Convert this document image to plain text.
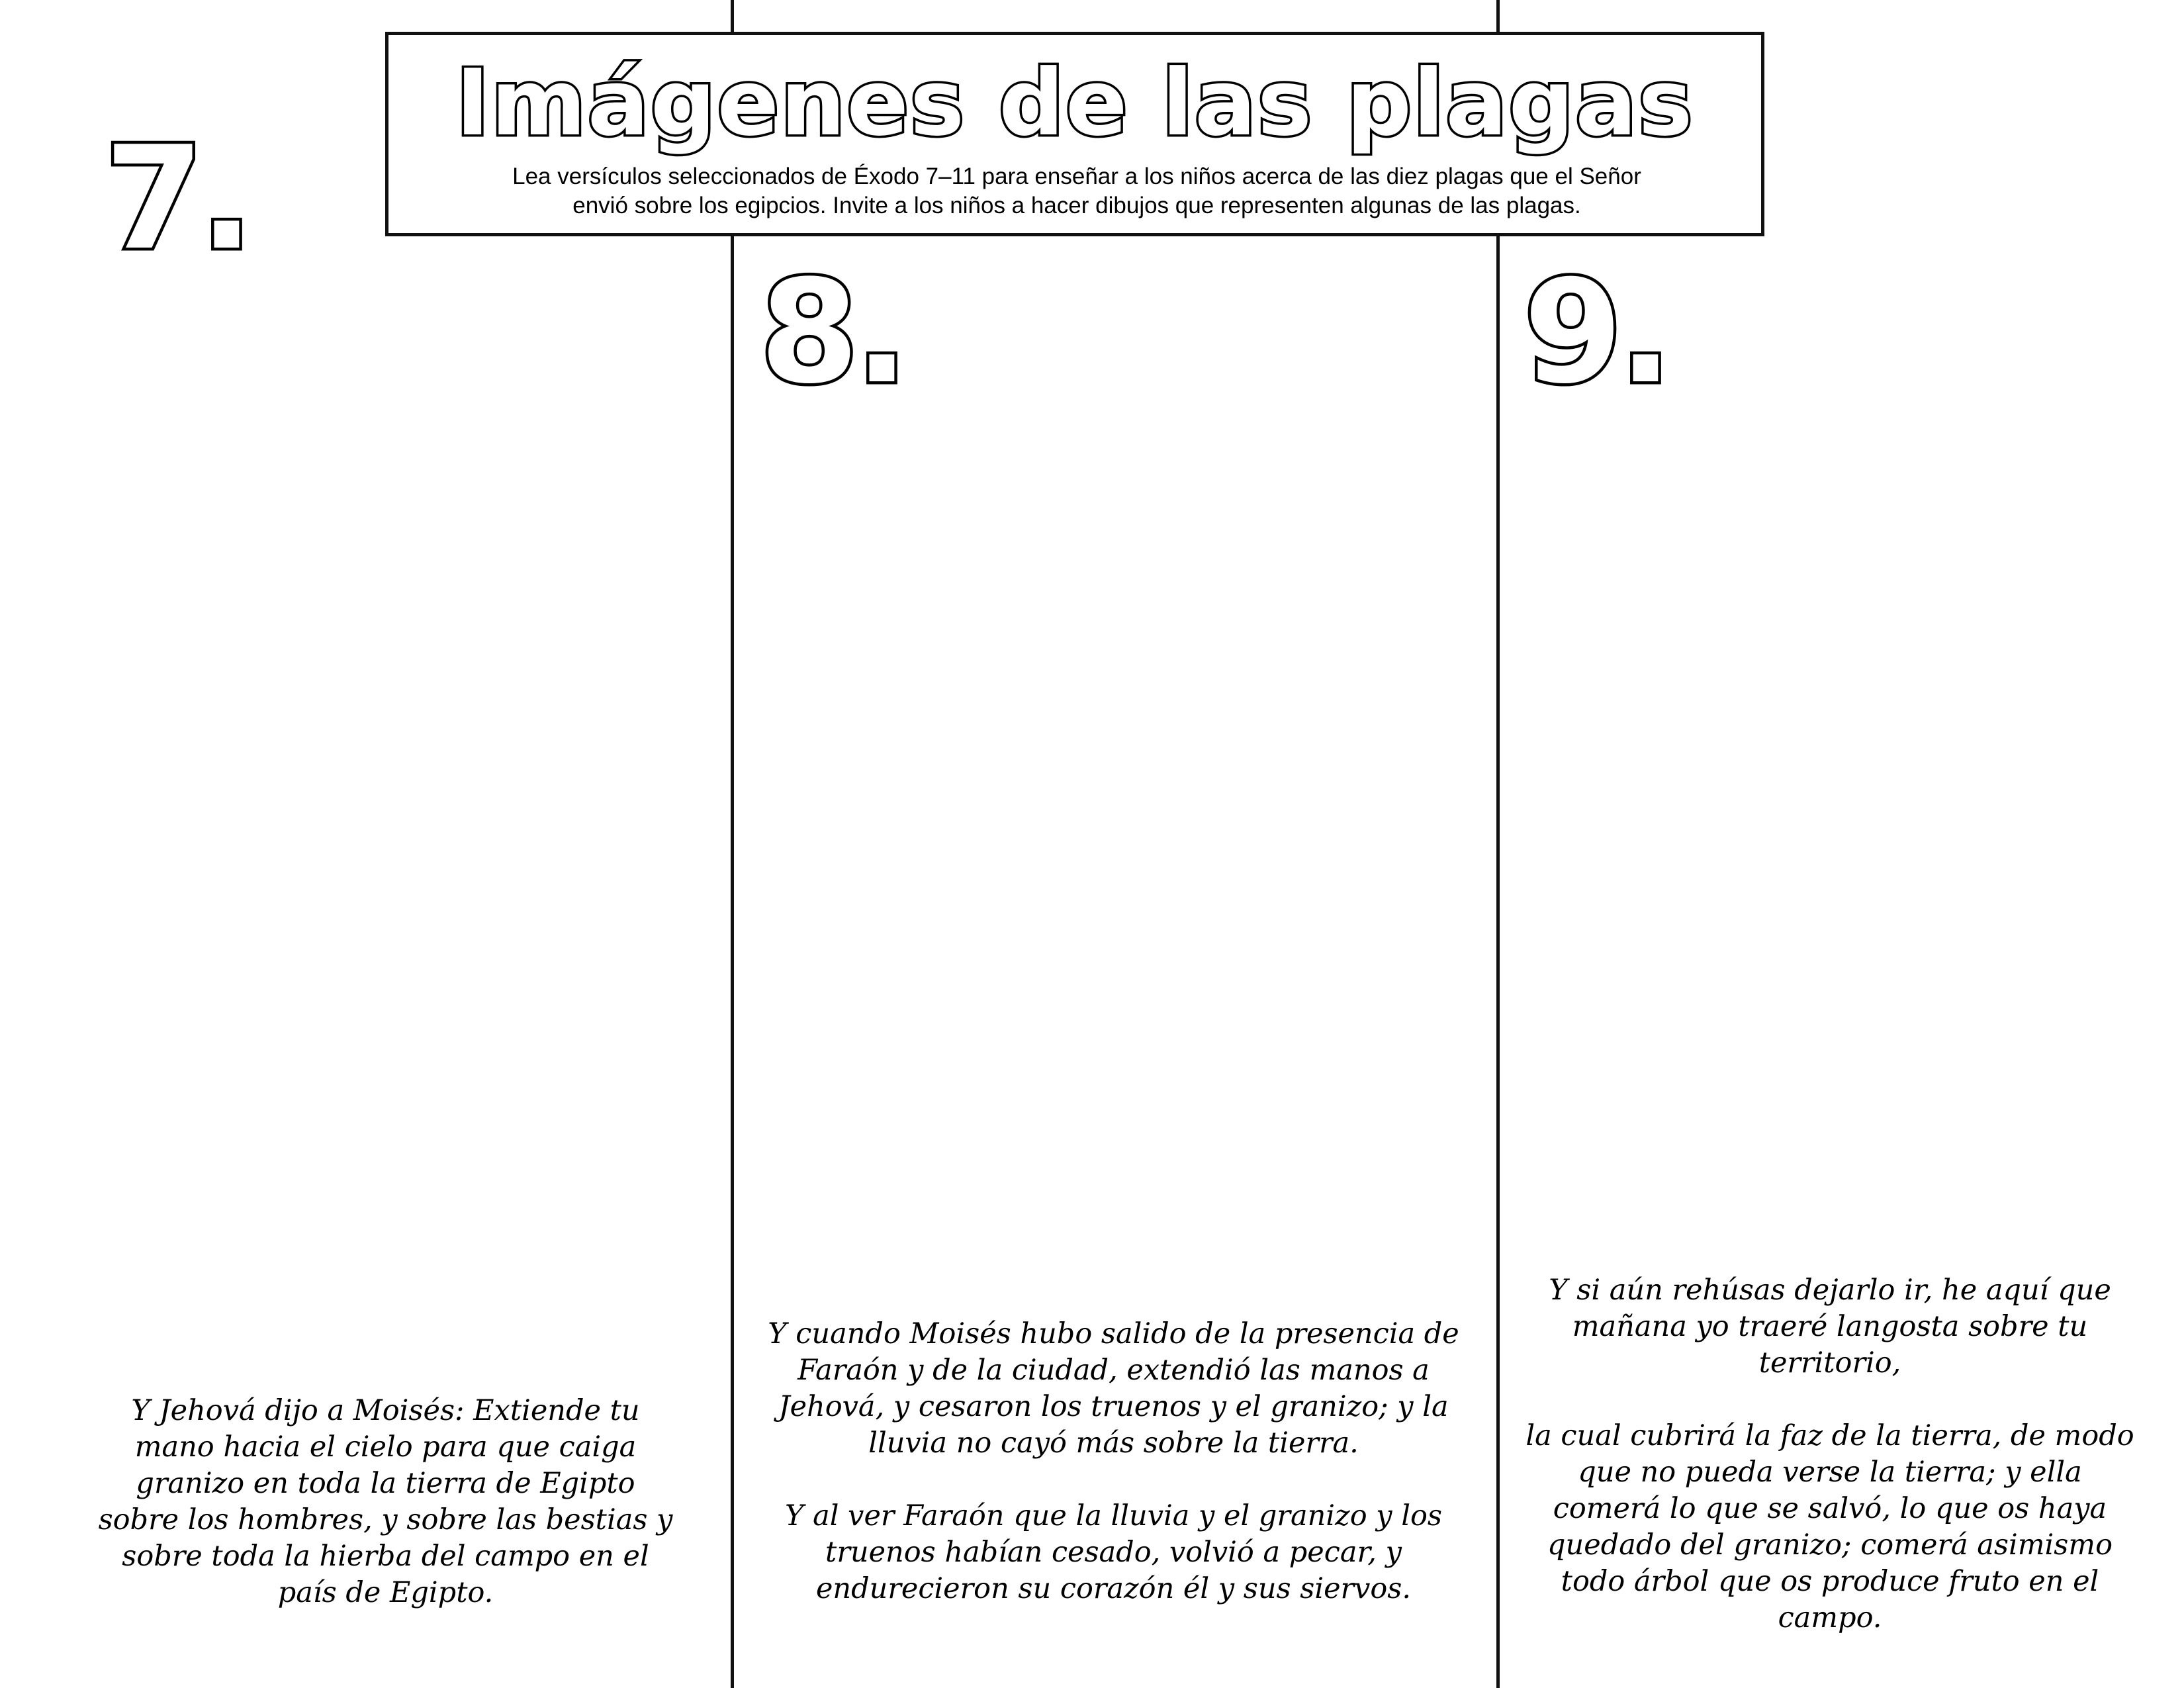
Imágenes de las plagas
Lea versículos seleccionados de Éxodo 7–11 para enseñar a los niños acerca de las diez plagas que el Señor
envió sobre los egipcios. Invite a los niños a hacer dibujos que representen algunas de las plagas.
7.

Y Jehová dijo a Moisés: Extiende tu mano hacia el cielo para que caiga granizo en toda la tierra de Egipto sobre los hombres, y sobre las bestias y sobre toda la hierba del campo en el país de Egipto.

8.

Y cuando Moisés hubo salido de la presencia de Faraón y de la ciudad, extendió las manos a Jehová, y cesaron los truenos y el granizo; y la lluvia no cayó más sobre la tierra.

Y al ver Faraón que la lluvia y el granizo y los truenos habían cesado, volvió a pecar, y endurecieron su corazón él y sus siervos.

9.

Y si aún rehúsas dejarlo ir, he aquí que mañana yo traeré langosta sobre tu territorio,

la cual cubrirá la faz de la tierra, de modo que no pueda verse la tierra; y ella comerá lo que se salvó, lo que os haya quedado del granizo; comerá asimismo todo árbol que os produce fruto en el campo.
